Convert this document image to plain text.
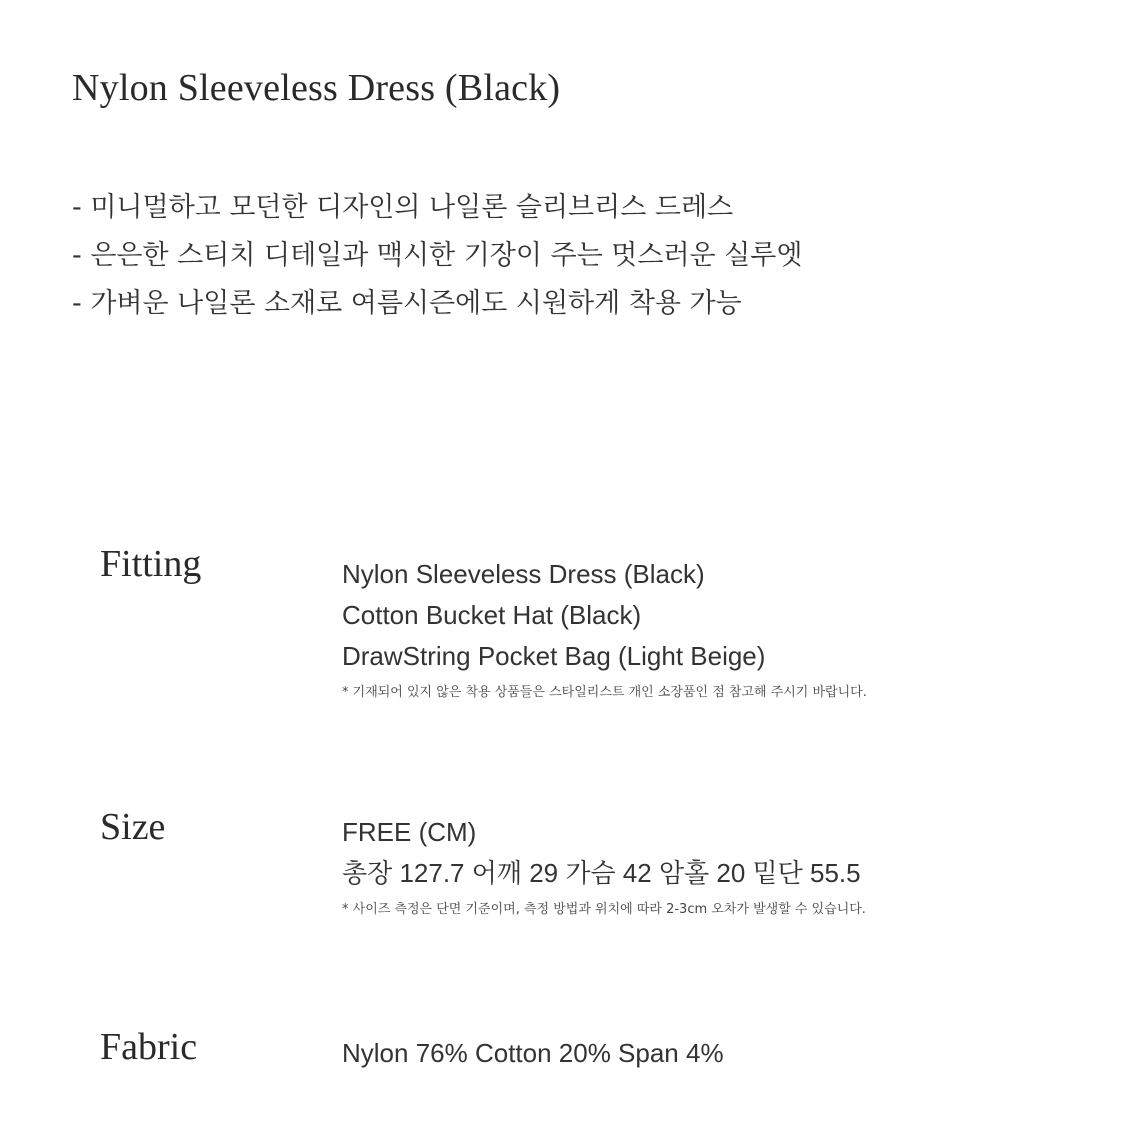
Nylon Sleeveless Dress (Black)
- 미니멀하고 모던한 디자인의 나일론 슬리브리스 드레스
- 은은한 스티치 디테일과 맥시한 기장이 주는 멋스러운 실루엣
- 가벼운 나일론 소재로 여름시즌에도 시원하게 착용 가능
Fitting	Nylon Sleeveless Dress (Black)
Cotton Bucket Hat (Black)
DrawString Pocket Bag (Light Beige)
* 기재되어 있지 않은 착용 상품들은 스타일리스트 개인 소장품인 점 참고해 주시기 바랍니다.
Size	FREE (CM)
총장 127.7 어깨 29 가슴 42 암홀 20 밑단 55.5
* 사이즈 측정은 단면 기준이며, 측정 방법과 위치에 따라 2-3cm 오차가 발생할 수 있습니다.
Fabric	Nylon 76% Cotton 20% Span 4%
